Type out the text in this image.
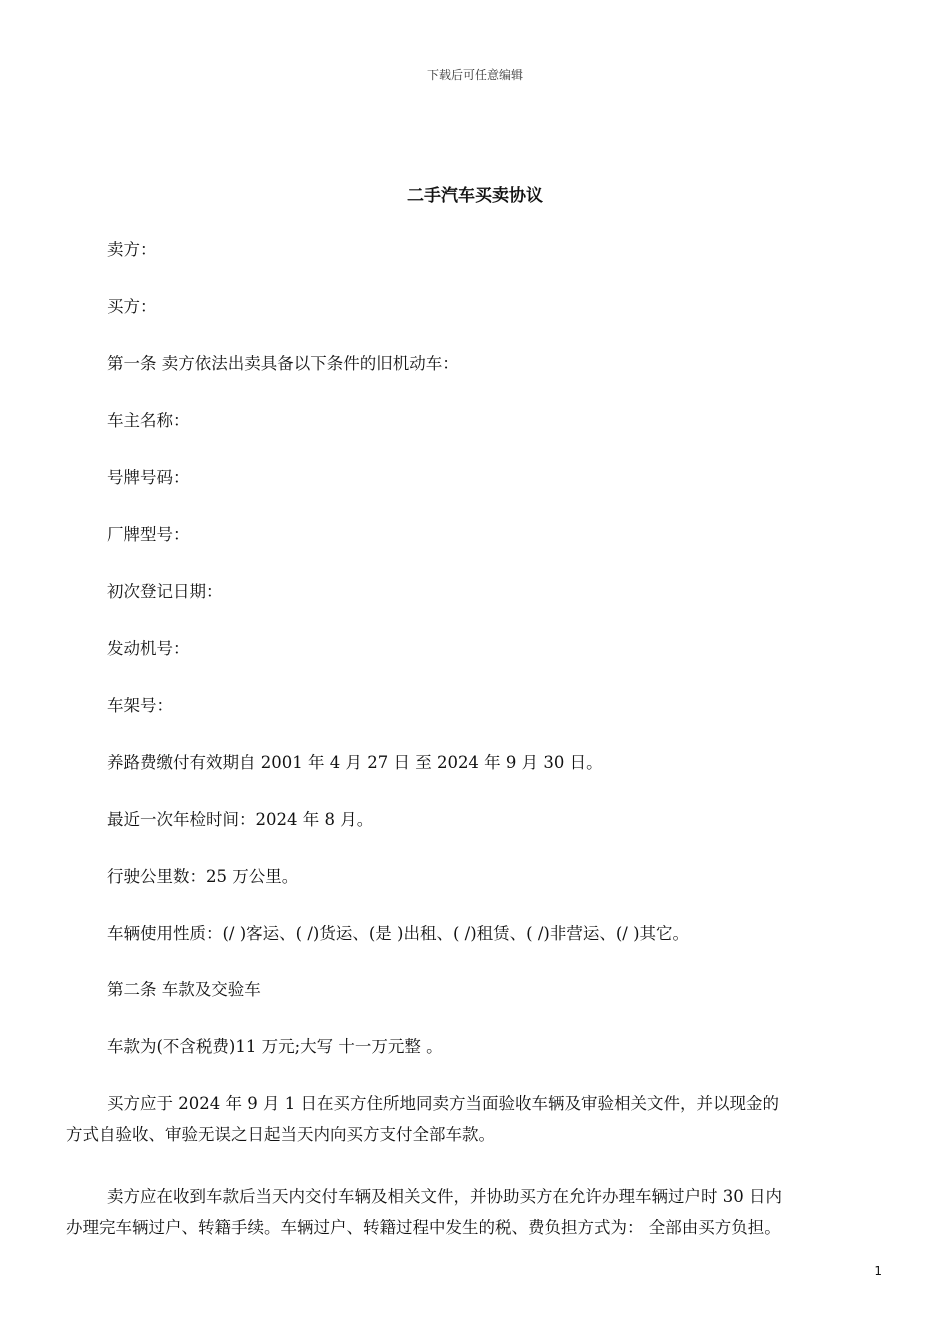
下载后可任意编辑
二手汽车买卖协议
卖方：
买方：
第一条 卖方依法出卖具备以下条件的旧机动车：
车主名称：
号牌号码：
厂牌型号：
初次登记日期：
发动机号：
车架号：
养路费缴付有效期自 2001 年 4 月 27 日 至 2024 年 9 月 30 日。
最近一次年检时间：2024 年 8 月。
行驶公里数：25 万公里。
车辆使用性质：(/ )客运、( /)货运、(是 )出租、( /)租赁、( /)非营运、(/ )其它。
第二条 车款及交验车
车款为(不含税费)11 万元;大写 十一万元整 。
买方应于 2024 年 9 月 1 日在买方住所地同卖方当面验收车辆及审验相关文件，并以现金的
方式自验收、审验无误之日起当天内向买方支付全部车款。
卖方应在收到车款后当天内交付车辆及相关文件，并协助买方在允许办理车辆过户时 30 日内
办理完车辆过户、转籍手续。车辆过户、转籍过程中发生的税、费负担方式为： 全部由买方负担。
1
